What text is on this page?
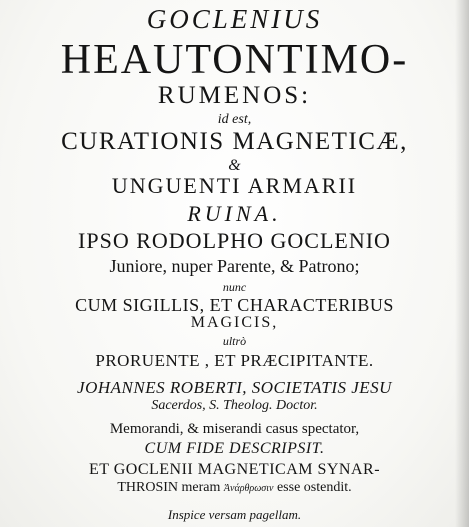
GOCLENIUS
HEAUTONTIMO-
RUMENOS:
id est,
CURATIONIS MAGNETICÆ,
&
UNGUENTI ARMARII
RUINA.
IPSO RODOLPHO GOCLENIO
Juniore, nuper Parente, & Patrono;
nunc
CUM SIGILLIS, ET CHARACTERIBUS
MAGICIS,
ultrò
PRORUENTE , ET PRÆCIPITANTE.
JOHANNES ROBERTI, SOCIETATIS JESU
Sacerdos, S. Theolog. Doctor.
Memorandi, & miserandi casus spectator,
CUM FIDE DESCRIPSIT.
ET GOCLENII MAGNETICAM SYNAR-
THROSIN meram Ἀνάρθρωσιν esse ostendit.
Inspice versam pagellam.
